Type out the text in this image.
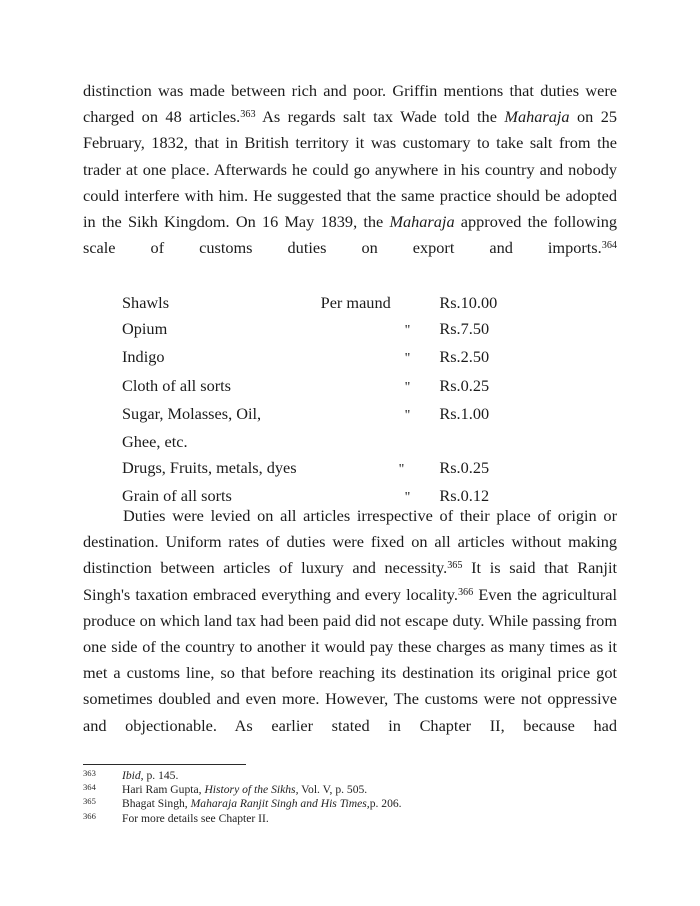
distinction was made between rich and poor. Griffin mentions that duties were charged on 48 articles.$^{363}$ As regards salt tax Wade told the Maharaja on 25 February, 1832, that in British territory it was customary to take salt from the trader at one place. Afterwards he could go anywhere in his country and nobody could interfere with him. He suggested that the same practice should be adopted in the Sikh Kingdom. On 16 May 1839, the Maharaja approved the following scale of customs duties on export and imports.$^{364}$

Duties were levied on all articles irrespective of their place of origin or destination. Uniform rates of duties were fixed on all articles without making distinction between articles of luxury and necessity.$^{365}$ It is said that Ranjit Singh's taxation embraced everything and every locality.$^{366}$ Even the agricultural produce on which land tax had been paid did not escape duty. While passing from one side of the country to another it would pay these charges as many times as it met a customs line, so that before reaching its destination its original price got sometimes doubled and even more. However, The customs were not oppressive and objectionable. As earlier stated in Chapter II, because had

Shawls	Per maund	Rs.10.00
Opium	"	Rs.7.50
Indigo	"	Rs.2.50
Cloth of all sorts	"	Rs.0.25
Sugar, Molasses, Oil,	"	Rs.1.00
Ghee, etc.		
Drugs, Fruits, metals, dyes	"	Rs.0.25
Grain of all sorts	"	Rs.0.12
363	Ibid, p. 145.
364	Hari Ram Gupta, History of the Sikhs, Vol. V, p. 505.
365	Bhagat Singh, Maharaja Ranjit Singh and His Times,p. 206.
366	For more details see Chapter II.
